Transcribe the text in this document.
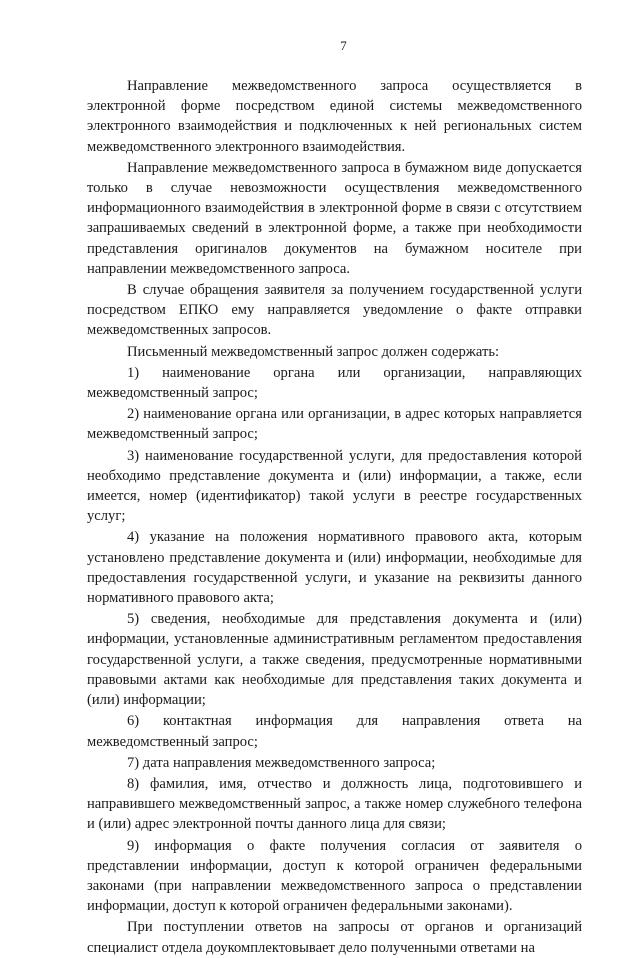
7

Направление межведомственного запроса осуществляется в электронной форме посредством единой системы межведомственного электронного взаимодействия и подключенных к ней региональных систем межведомственного электронного взаимодействия.

Направление межведомственного запроса в бумажном виде допускается только в случае невозможности осуществления межведомственного информационного взаимодействия в электронной форме в связи с отсутствием запрашиваемых сведений в электронной форме, а также при необходимости представления оригиналов документов на бумажном носителе при направлении межведомственного запроса.

В случае обращения заявителя за получением государственной услуги посредством ЕПКО ему направляется уведомление о факте отправки межведомственных запросов.

Письменный межведомственный запрос должен содержать:

1) наименование органа или организации, направляющих межведомственный запрос;

2) наименование органа или организации, в адрес которых направляется межведомственный запрос;

3) наименование государственной услуги, для предоставления которой необходимо представление документа и (или) информации, а также, если имеется, номер (идентификатор) такой услуги в реестре государственных услуг;

4) указание на положения нормативного правового акта, которым установлено представление документа и (или) информации, необходимые для предоставления государственной услуги, и указание на реквизиты данного нормативного правового акта;

5) сведения, необходимые для представления документа и (или) информации, установленные административным регламентом предоставления государственной услуги, а также сведения, предусмотренные нормативными правовыми актами как необходимые для представления таких документа и (или) информации;

6) контактная информация для направления ответа на межведомственный запрос;

7) дата направления межведомственного запроса;

8) фамилия, имя, отчество и должность лица, подготовившего и направившего межведомственный запрос, а также номер служебного телефона и (или) адрес электронной почты данного лица для связи;

9) информация о факте получения согласия от заявителя о представлении информации, доступ к которой ограничен федеральными законами (при направлении межведомственного запроса о представлении информации, доступ к которой ограничен федеральными законами).

При поступлении ответов на запросы от органов и организаций специалист отдела доукомплектовывает дело полученными ответами на
